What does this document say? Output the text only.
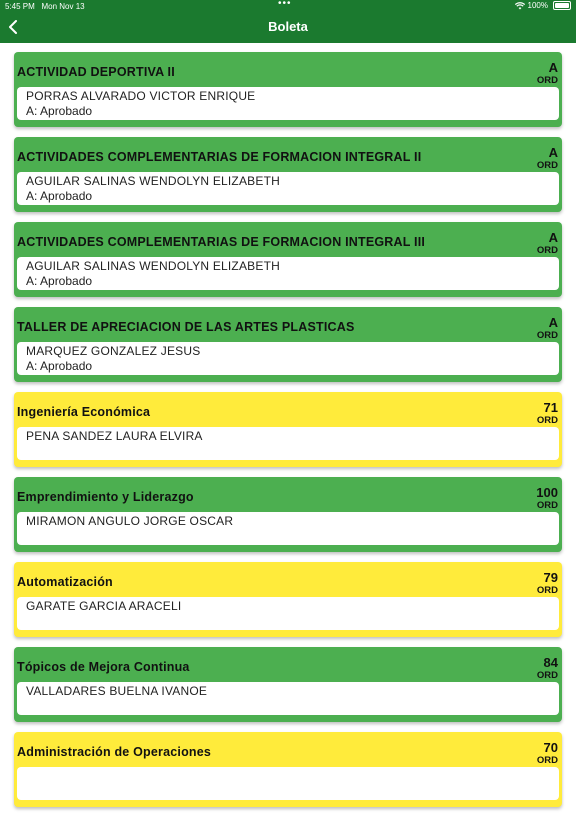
5:45 PM Mon Nov 13	•••	100%
Boleta
ACTIVIDAD DEPORTIVA II	A
ORD
PORRAS ALVARADO VICTOR ENRIQUE
A: Aprobado
ACTIVIDADES COMPLEMENTARIAS DE FORMACION INTEGRAL II	A
ORD
AGUILAR SALINAS WENDOLYN ELIZABETH
A: Aprobado
ACTIVIDADES COMPLEMENTARIAS DE FORMACION INTEGRAL III	A
ORD
AGUILAR SALINAS WENDOLYN ELIZABETH
A: Aprobado
TALLER DE APRECIACION DE LAS ARTES PLASTICAS	A
ORD
MARQUEZ GONZALEZ JESUS
A: Aprobado
Ingeniería Económica	71
ORD
PENA SANDEZ LAURA ELVIRA
Emprendimiento y Liderazgo	100
ORD
MIRAMON ANGULO JORGE OSCAR
Automatización	79
ORD
GARATE GARCIA ARACELI
Tópicos de Mejora Continua	84
ORD
VALLADARES BUELNA IVANOE
Administración de Operaciones	70
ORD
